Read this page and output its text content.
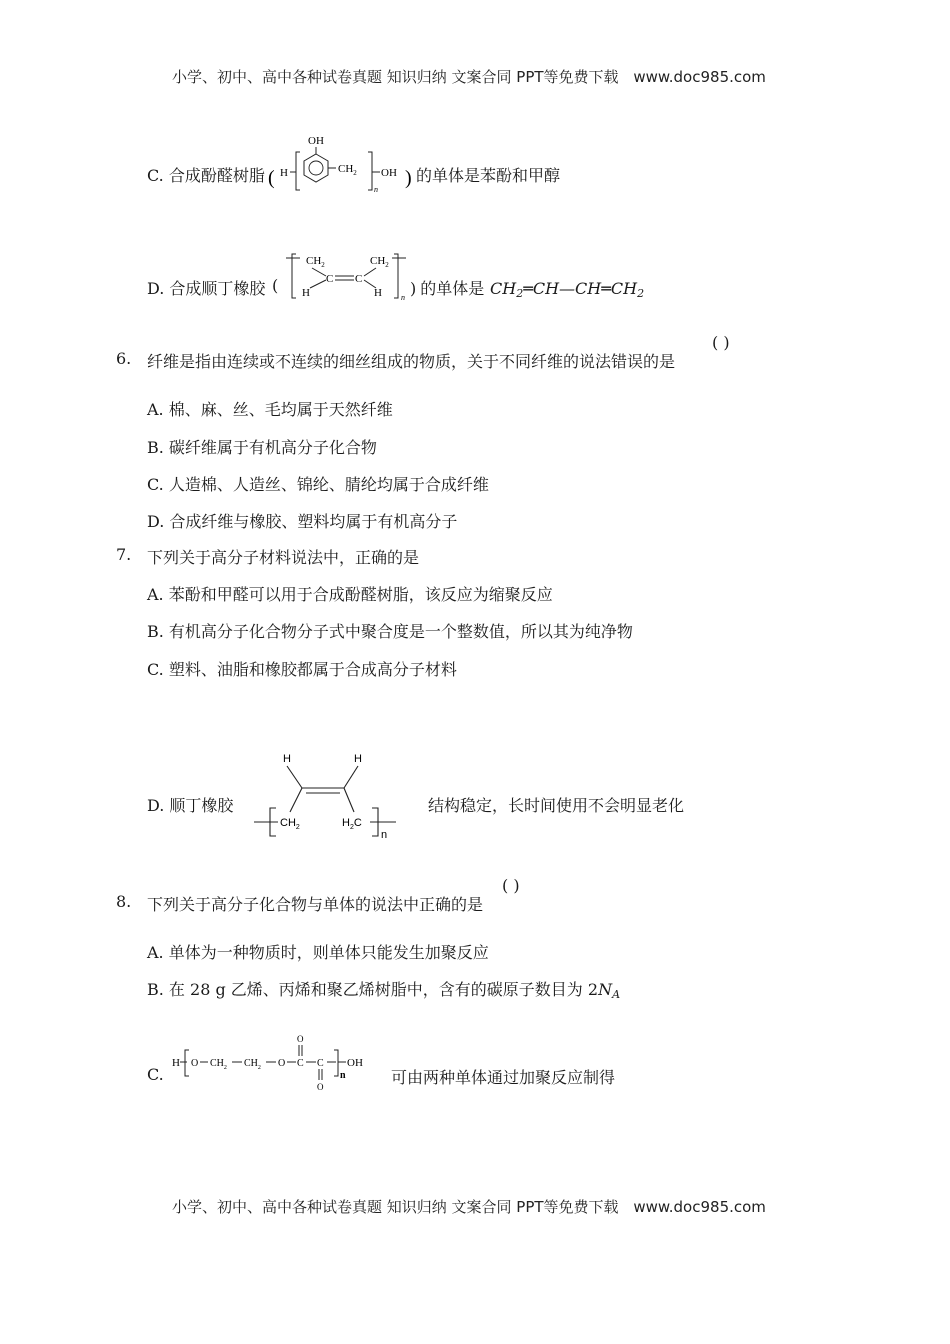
小学、初中、高中各种试卷真题 知识归纳 文案合同 PPT等免费下载 www.doc985.com
C. 合成酚醛树脂
OH
( H	$CH_2$
n
OH ) 的单体是苯酚和甲醇
D. 合成顺丁橡胶 (
$CH_2$
H
C C
$CH_2$
H n ) 的单体是 CH2═CH—CH═CH2
6. 纤维是指由连续或不连续的细丝组成的物质，关于不同纤维的说法错误的是
( )
A. 棉、麻、丝、毛均属于天然纤维
B. 碳纤维属于有机高分子化合物
C. 人造棉、人造丝、锦纶、腈纶均属于合成纤维
D. 合成纤维与橡胶、塑料均属于有机高分子
7. 下列关于高分子材料说法中，正确的是
A. 苯酚和甲醛可以用于合成酚醛树脂，该反应为缩聚反应
B. 有机高分子化合物分子式中聚合度是一个整数值，所以其为纯净物
C. 塑料、油脂和橡胶都属于合成高分子材料
D. 顺丁橡胶
H	H
$CH_2$	$H_2C$
n
结构稳定，长时间使用不会明显老化
8. 下列关于高分子化合物与单体的说法中正确的是
( )
A. 单体为一种物质时，则单体只能发生加聚反应
B. 在 28 g 乙烯、丙烯和聚乙烯树脂中，含有的碳原子数目为 2NA
C.
H O $CH_2$ $CH_2$ O C
O
C
O
n
OH
可由两种单体通过加聚反应制得
小学、初中、高中各种试卷真题 知识归纳 文案合同 PPT等免费下载 www.doc985.com
